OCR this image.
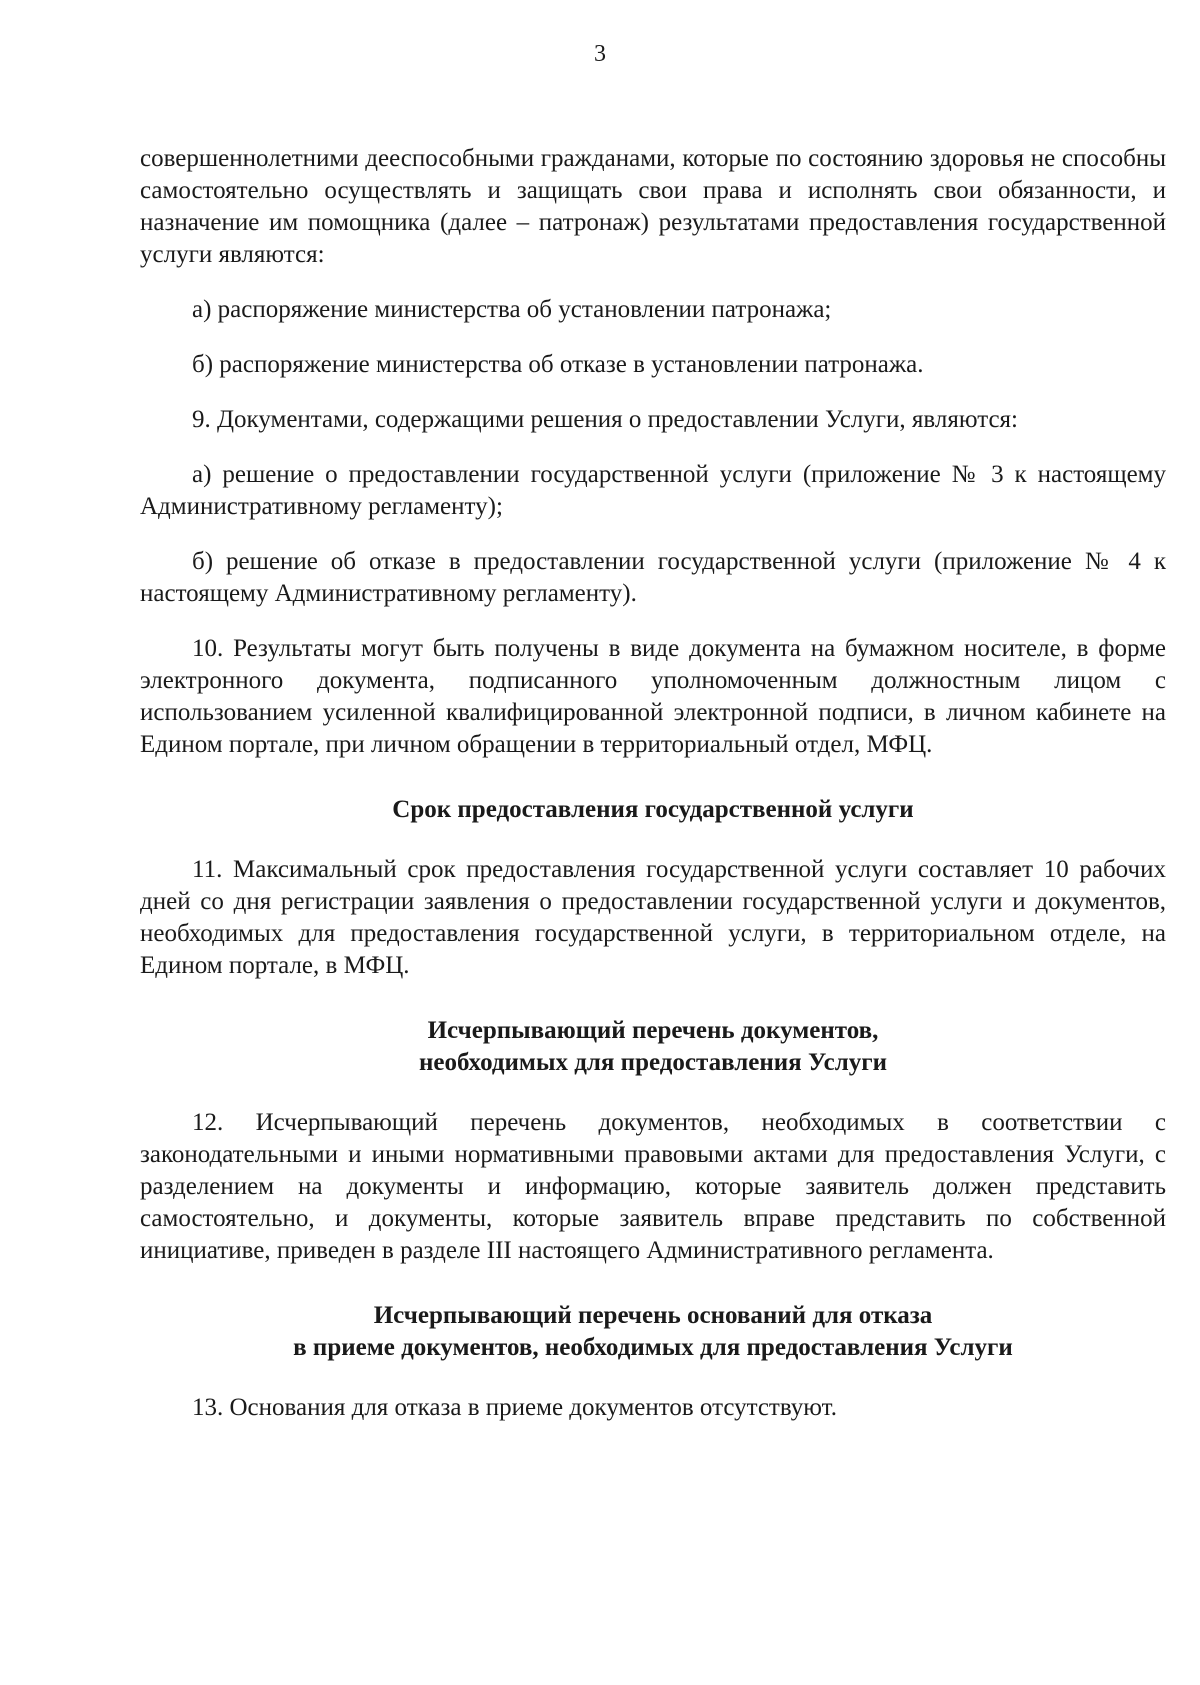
3

совершеннолетними дееспособными гражданами, которые по состоянию здоровья не способны самостоятельно осуществлять и защищать свои права и исполнять свои обязанности, и назначение им помощника (далее – патронаж) результатами предоставления государственной услуги являются:

а) распоряжение министерства об установлении патронажа;

б) распоряжение министерства об отказе в установлении патронажа.

9. Документами, содержащими решения о предоставлении Услуги, являются:

а) решение о предоставлении государственной услуги (приложение № 3 к настоящему Административному регламенту);

б) решение об отказе в предоставлении государственной услуги (приложение № 4 к настоящему Административному регламенту).

10. Результаты могут быть получены в виде документа на бумажном носителе, в форме электронного документа, подписанного уполномоченным должностным лицом с использованием усиленной квалифицированной электронной подписи, в личном кабинете на Едином портале, при личном обращении в территориальный отдел, МФЦ.

Срок предоставления государственной услуги

11. Максимальный срок предоставления государственной услуги составляет 10 рабочих дней со дня регистрации заявления о предоставлении государственной услуги и документов, необходимых для предоставления государственной услуги, в территориальном отделе, на Едином портале, в МФЦ.

Исчерпывающий перечень документов,
необходимых для предоставления Услуги

12. Исчерпывающий перечень документов, необходимых в соответствии с законодательными и иными нормативными правовыми актами для предоставления Услуги, с разделением на документы и информацию, которые заявитель должен представить самостоятельно, и документы, которые заявитель вправе представить по собственной инициативе, приведен в разделе III настоящего Административного регламента.

Исчерпывающий перечень оснований для отказа
в приеме документов, необходимых для предоставления Услуги

13. Основания для отказа в приеме документов отсутствуют.
